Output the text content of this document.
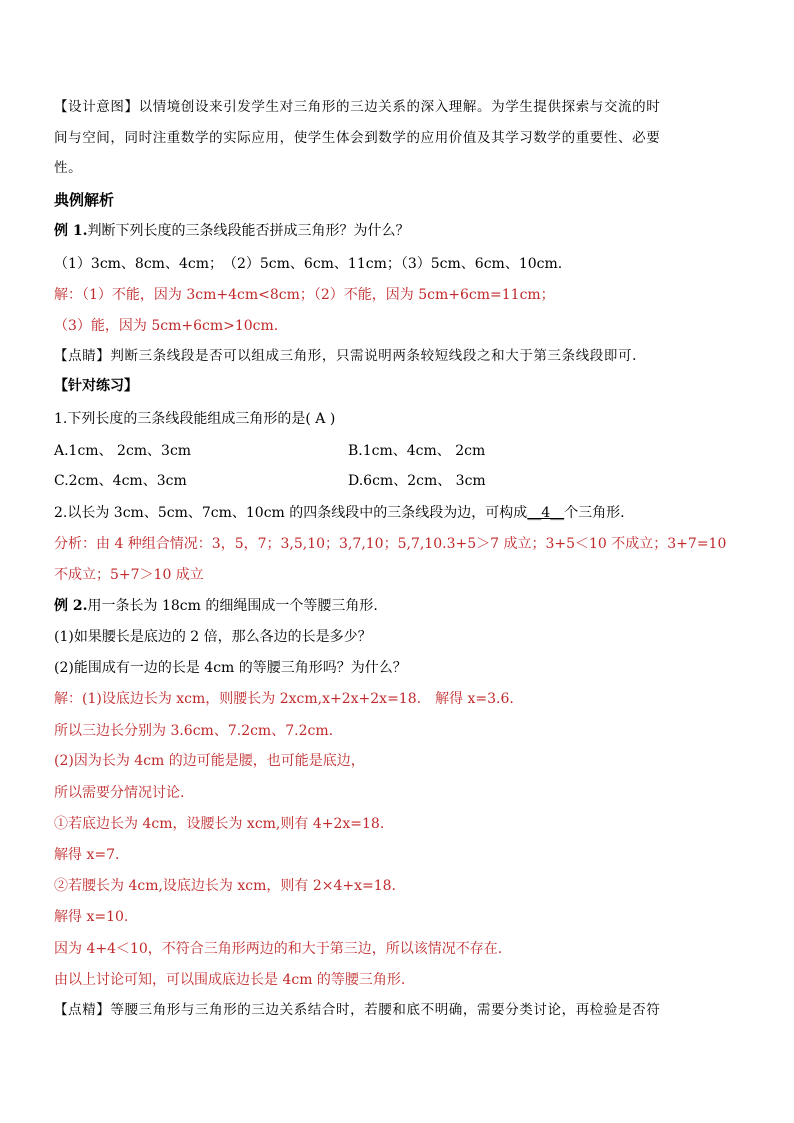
【设计意图】以情境创设来引发学生对三角形的三边关系的深入理解。为学生提供探索与交流的时
间与空间，同时注重数学的实际应用，使学生体会到数学的应用价值及其学习数学的重要性、必要
性。
典例解析
例 1.判断下列长度的三条线段能否拼成三角形？为什么？
（1）3cm、8cm、4cm；　（2）5cm、6cm、11cm；（3）5cm、6cm、10cm.
解：（1）不能，因为 3cm+4cm<8cm；（2）不能，因为 5cm+6cm=11cm；
（3）能，因为 5cm+6cm>10cm.
【点睛】判断三条线段是否可以组成三角形，只需说明两条较短线段之和大于第三条线段即可.
【针对练习】
1.下列长度的三条线段能组成三角形的是( A )
A.1cm、 2cm、3cm	B.1cm、4cm、 2cm
C.2cm、4cm、3cm	D.6cm、2cm、 3cm
2.以长为 3cm、5cm、7cm、10cm 的四条线段中的三条线段为边，可构成__4__个三角形.
分析：由 4 种组合情况：3，5，7；3,5,10；3,7,10；5,7,10.3+5＞7 成立；3+5＜10 不成立；3+7=10
不成立；5+7＞10 成立
例 2.用一条长为 18cm 的细绳围成一个等腰三角形.
(1)如果腰长是底边的 2 倍，那么各边的长是多少？
(2)能围成有一边的长是 4cm 的等腰三角形吗？为什么？
解：(1)设底边长为 xcm，则腰长为 2xcm,x+2x+2x=18.　解得 x=3.6.
所以三边长分别为 3.6cm、7.2cm、7.2cm.
(2)因为长为 4cm 的边可能是腰，也可能是底边，
所以需要分情况讨论.
①若底边长为 4cm，设腰长为 xcm,则有 4+2x=18.
解得 x=7.
②若腰长为 4cm,设底边长为 xcm，则有 2×4+x=18.
解得 x=10.
因为 4+4＜10，不符合三角形两边的和大于第三边，所以该情况不存在.
由以上讨论可知，可以围成底边长是 4cm 的等腰三角形.
【点精】等腰三角形与三角形的三边关系结合时，若腰和底不明确，需要分类讨论，再检验是否符
